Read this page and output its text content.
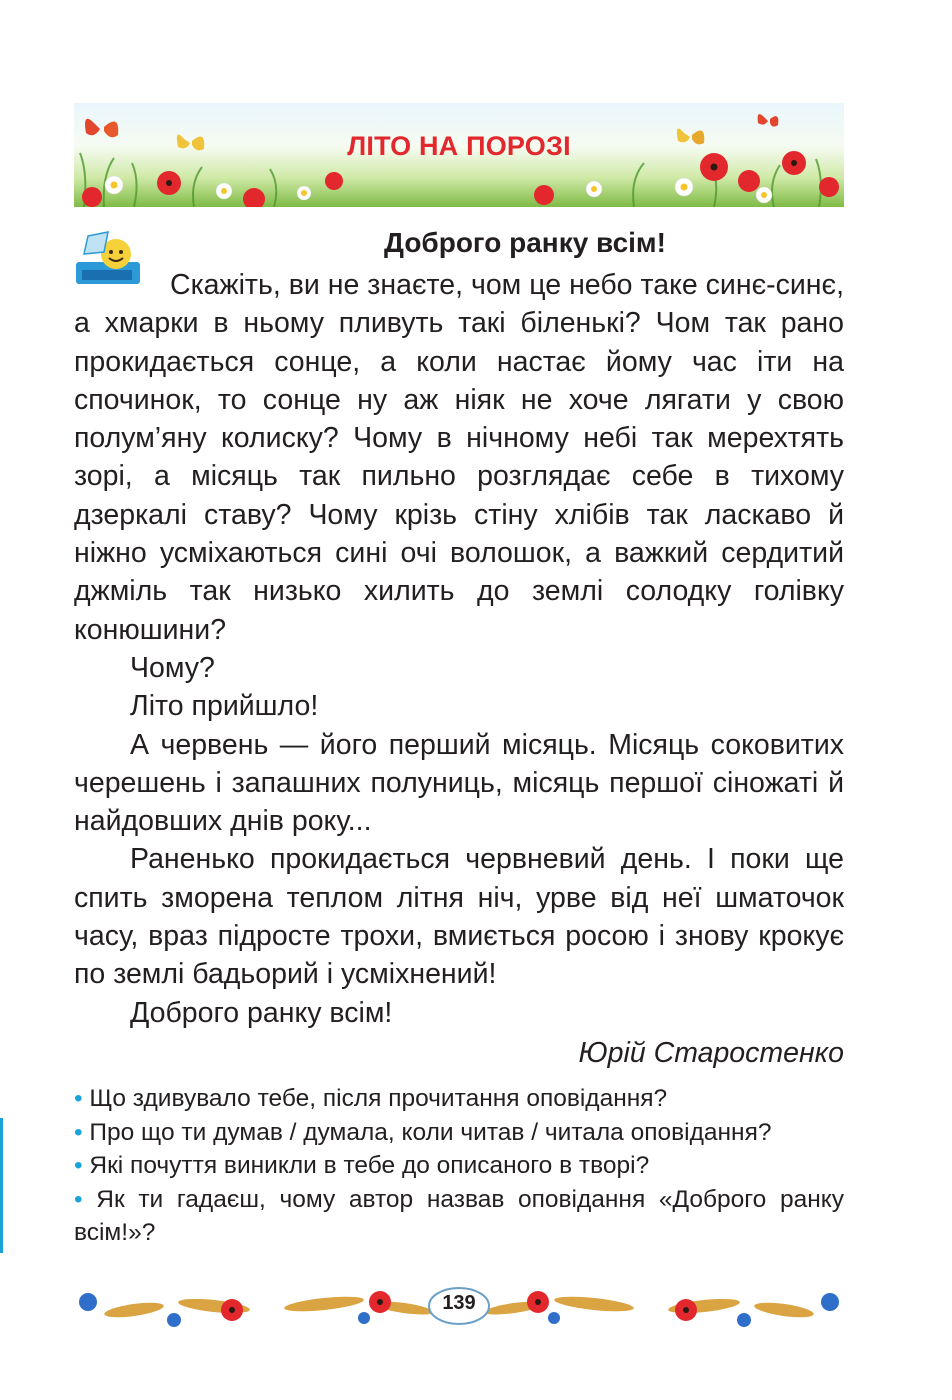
ЛІТО НА ПОРОЗІ
Доброго ранку всім!

Скажіть, ви не знаєте, чом це небо таке синє-синє, а хмарки в ньому пливуть такі біленькі? Чом так рано прокидається сонце, а коли настає йому час іти на спочинок, то сонце ну аж ніяк не хоче лягати у свою полум’яну колиску? Чому в нічному небі так мерехтять зорі, а місяць так пильно розглядає себе в тихому дзеркалі ставу? Чому крізь стіну хлібів так ласкаво й ніжно усміхаються сині очі волошок, а важкий сердитий джміль так низько хилить до землі солодку голівку конюшини?

Чому?

Літо прийшло!

А червень — його перший місяць. Місяць соковитих черешень і запашних полуниць, місяць першої сіножаті й найдовших днів року...

Раненько прокидається червневий день. І поки ще спить зморена теплом літня ніч, урве від неї шматочок часу, враз підросте трохи, вмиється росою і знову крокує по землі бадьорий і усміхнений!

Доброго ранку всім!

Юрій Старостенко
• Що здивувало тебе, після прочитання оповідання?
• Про що ти думав / думала, коли читав / читала оповідання?
• Які почуття виникли в тебе до описаного в творі?
• Як ти гадаєш, чому автор назвав оповідання «Доброго ранку всім!»?
139
